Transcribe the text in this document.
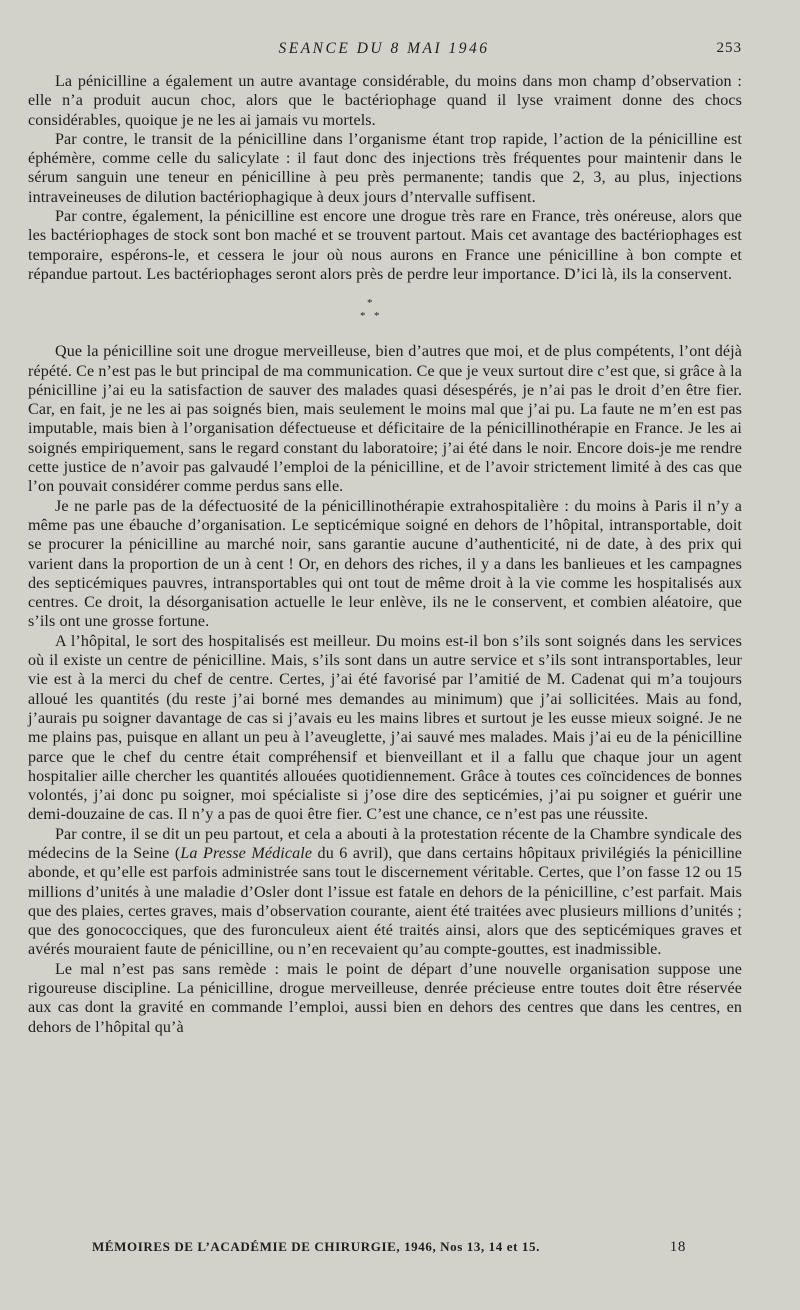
SEANCE DU 8 MAI 1946	253

La pénicilline a également un autre avantage considérable, du moins dans mon champ d’observation : elle n’a produit aucun choc, alors que le bactériophage quand il lyse vraiment donne des chocs considérables, quoique je ne les ai jamais vu mortels.

Par contre, le transit de la pénicilline dans l’organisme étant trop rapide, l’action de la pénicilline est éphémère, comme celle du salicylate : il faut donc des injections très fréquentes pour maintenir dans le sérum sanguin une teneur en pénicilline à peu près permanente; tandis que 2, 3, au plus, injections intraveineuses de dilution bactériophagique à deux jours d’ntervalle suffisent.

Par contre, également, la pénicilline est encore une drogue très rare en France, très onéreuse, alors que les bactériophages de stock sont bon maché et se trouvent partout. Mais cet avantage des bactériophages est temporaire, espérons-le, et cessera le jour où nous aurons en France une pénicilline à bon compte et répandue partout. Les bactériophages seront alors près de perdre leur importance. D’ici là, ils la conservent.

*
* *

Que la pénicilline soit une drogue merveilleuse, bien d’autres que moi, et de plus compétents, l’ont déjà répété. Ce n’est pas le but principal de ma communication. Ce que je veux surtout dire c’est que, si grâce à la pénicilline j’ai eu la satisfaction de sauver des malades quasi désespérés, je n’ai pas le droit d’en être fier. Car, en fait, je ne les ai pas soignés bien, mais seulement le moins mal que j’ai pu. La faute ne m’en est pas imputable, mais bien à l’organisation défectueuse et déficitaire de la pénicillinothérapie en France. Je les ai soignés empiriquement, sans le regard constant du laboratoire; j’ai été dans le noir. Encore dois-je me rendre cette justice de n’avoir pas galvaudé l’emploi de la pénicilline, et de l’avoir strictement limité à des cas que l’on pouvait considérer comme perdus sans elle.

Je ne parle pas de la défectuosité de la pénicillinothérapie extrahospitalière : du moins à Paris il n’y a même pas une ébauche d’organisation. Le septicémique soigné en dehors de l’hôpital, intransportable, doit se procurer la pénicilline au marché noir, sans garantie aucune d’authenticité, ni de date, à des prix qui varient dans la proportion de un à cent ! Or, en dehors des riches, il y a dans les banlieues et les campagnes des septicémiques pauvres, intransportables qui ont tout de même droit à la vie comme les hospitalisés aux centres. Ce droit, la désorganisation actuelle le leur enlève, ils ne le conservent, et combien aléatoire, que s’ils ont une grosse fortune.

A l’hôpital, le sort des hospitalisés est meilleur. Du moins est-il bon s’ils sont soignés dans les services où il existe un centre de pénicilline. Mais, s’ils sont dans un autre service et s’ils sont intransportables, leur vie est à la merci du chef de centre. Certes, j’ai été favorisé par l’amitié de M. Cadenat qui m’a toujours alloué les quantités (du reste j’ai borné mes demandes au minimum) que j’ai sollicitées. Mais au fond, j’aurais pu soigner davantage de cas si j’avais eu les mains libres et surtout je les eusse mieux soigné. Je ne me plains pas, puisque en allant un peu à l’aveuglette, j’ai sauvé mes malades. Mais j’ai eu de la pénicilline parce que le chef du centre était compréhensif et bienveillant et il a fallu que chaque jour un agent hospitalier aille chercher les quantités allouées quotidiennement. Grâce à toutes ces coïncidences de bonnes volontés, j’ai donc pu soigner, moi spécialiste si j’ose dire des septicémies, j’ai pu soigner et guérir une demi-douzaine de cas. Il n’y a pas de quoi être fier. C’est une chance, ce n’est pas une réussite.

Par contre, il se dit un peu partout, et cela a abouti à la protestation récente de la Chambre syndicale des médecins de la Seine (La Presse Médicale du 6 avril), que dans certains hôpitaux privilégiés la pénicilline abonde, et qu’elle est parfois administrée sans tout le discernement véritable. Certes, que l’on fasse 12 ou 15 millions d’unités à une maladie d’Osler dont l’issue est fatale en dehors de la pénicilline, c’est parfait. Mais que des plaies, certes graves, mais d’observation courante, aient été traitées avec plusieurs millions d’unités ; que des gonococciques, que des furonculeux aient été traités ainsi, alors que des septicémiques graves et avérés mouraient faute de pénicilline, ou n’en recevaient qu’au compte-gouttes, est inadmissible.

Le mal n’est pas sans remède : mais le point de départ d’une nouvelle organisation suppose une rigoureuse discipline. La pénicilline, drogue merveilleuse, denrée précieuse entre toutes doit être réservée aux cas dont la gravité en commande l’emploi, aussi bien en dehors des centres que dans les centres, en dehors de l’hôpital qu’à

MÉMOIRES DE L’ACADÉMIE DE CHIRURGIE, 1946, Nos 13, 14 et 15.	18
